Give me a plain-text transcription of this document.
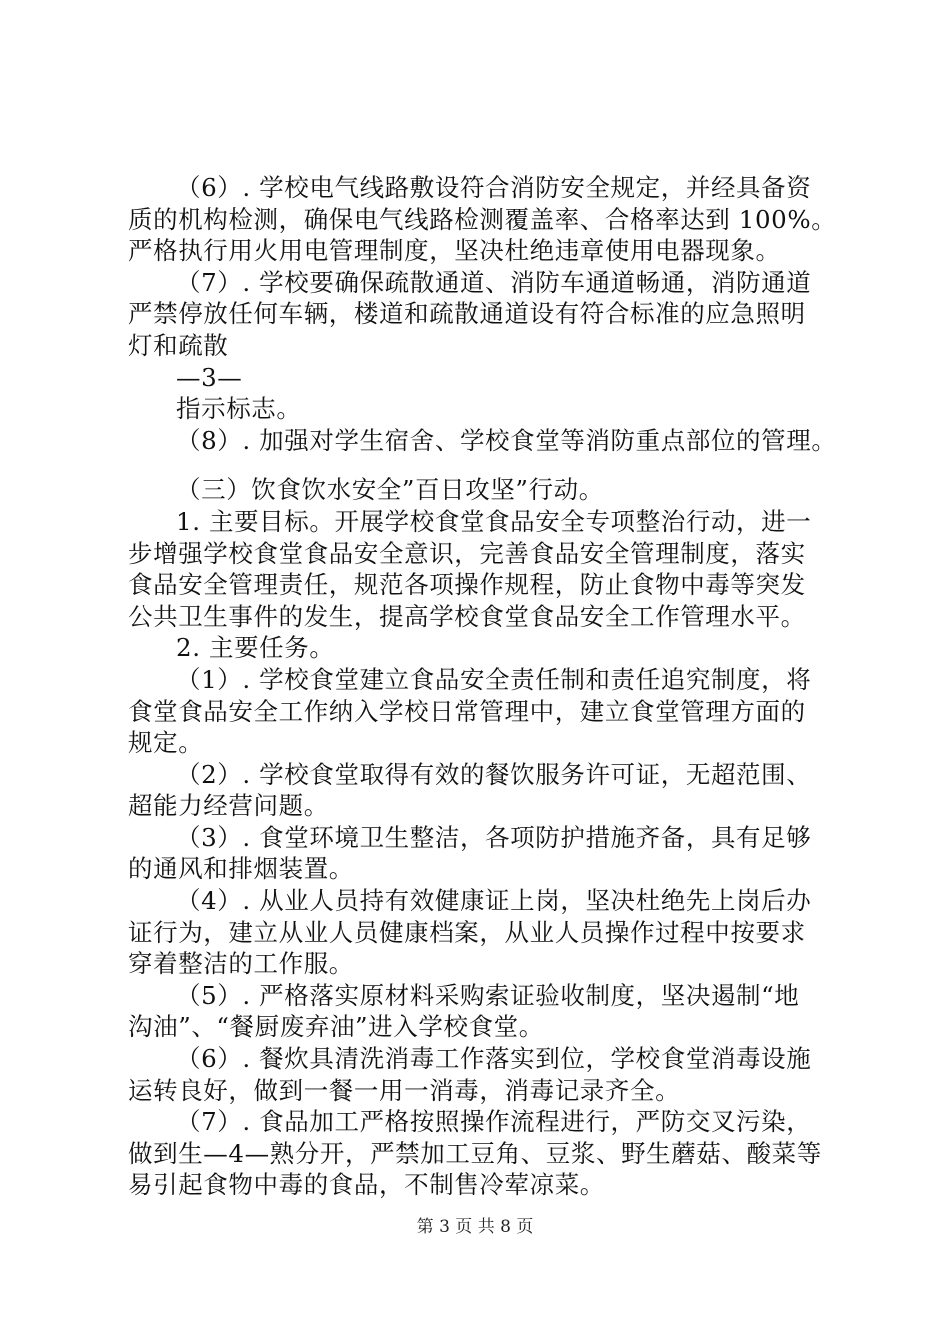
（6）. 学校电气线路敷设符合消防安全规定，并经具备资
质的机构检测，确保电气线路检测覆盖率、合格率达到 100%。
严格执行用火用电管理制度，坚决杜绝违章使用电器现象。
（7）. 学校要确保疏散通道、消防车通道畅通，消防通道
严禁停放任何车辆，楼道和疏散通道设有符合标准的应急照明
灯和疏散
—3—
指示标志。
（8）. 加强对学生宿舍、学校食堂等消防重点部位的管理。
（三）饮食饮水安全”百日攻坚”行动。
1. 主要目标。开展学校食堂食品安全专项整治行动，进一
步增强学校食堂食品安全意识，完善食品安全管理制度，落实
食品安全管理责任，规范各项操作规程，防止食物中毒等突发
公共卫生事件的发生，提高学校食堂食品安全工作管理水平。
2. 主要任务。
（1）. 学校食堂建立食品安全责任制和责任追究制度，将
食堂食品安全工作纳入学校日常管理中，建立食堂管理方面的
规定。
（2）. 学校食堂取得有效的餐饮服务许可证，无超范围、
超能力经营问题。
（3）. 食堂环境卫生整洁，各项防护措施齐备，具有足够
的通风和排烟装置。
（4）. 从业人员持有效健康证上岗，坚决杜绝先上岗后办
证行为，建立从业人员健康档案，从业人员操作过程中按要求
穿着整洁的工作服。
（5）. 严格落实原材料采购索证验收制度，坚决遏制“地
沟油”、“餐厨废弃油”进入学校食堂。
（6）. 餐炊具清洗消毒工作落实到位，学校食堂消毒设施
运转良好，做到一餐一用一消毒，消毒记录齐全。
（7）. 食品加工严格按照操作流程进行，严防交叉污染，
做到生—4—熟分开，严禁加工豆角、豆浆、野生蘑菇、酸菜等
易引起食物中毒的食品，不制售冷荤凉菜。
第 3 页 共 8 页
